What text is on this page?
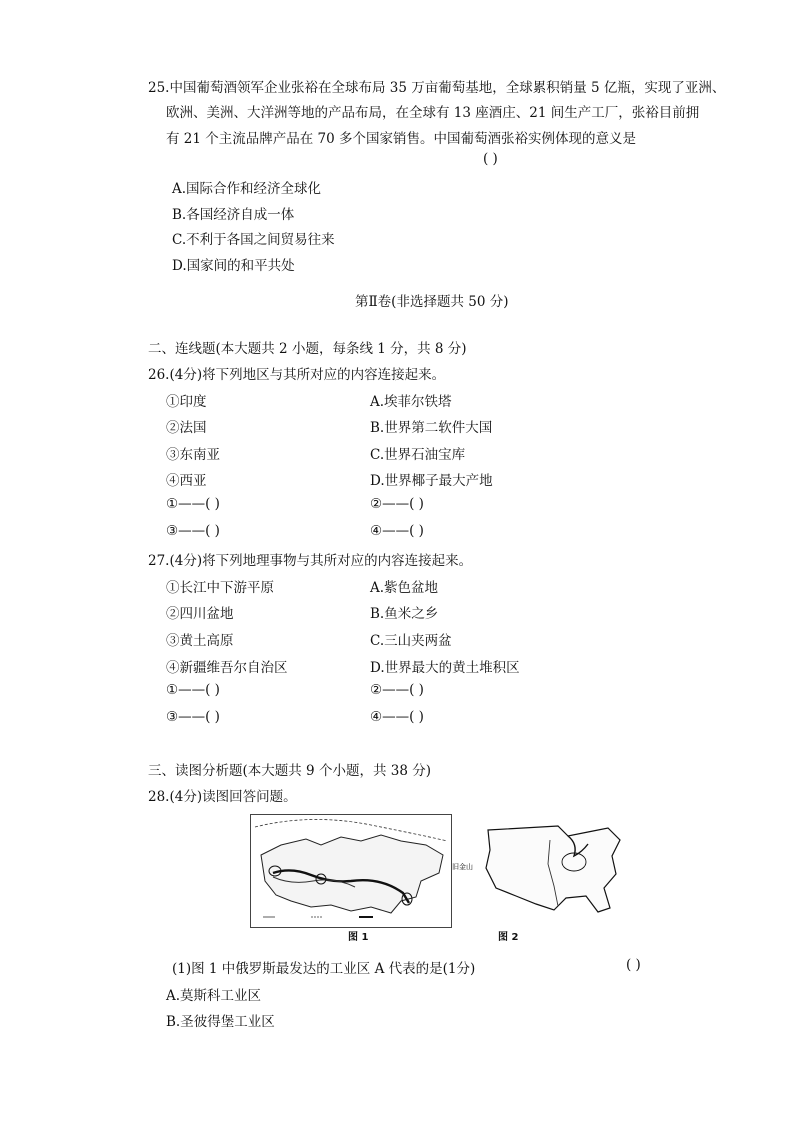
25.中国葡萄酒领军企业张裕在全球布局 35 万亩葡萄基地，全球累积销量 5 亿瓶，实现了亚洲、
欧洲、美洲、大洋洲等地的产品布局，在全球有 13 座酒庄、21 间生产工厂，张裕目前拥
有 21 个主流品牌产品在 70 多个国家销售。中国葡萄酒张裕实例体现的意义是
( )
A.国际合作和经济全球化
B.各国经济自成一体
C.不利于各国之间贸易往来
D.国家间的和平共处
第Ⅱ卷(非选择题共 50 分)
二、连线题(本大题共 2 小题，每条线 1 分，共 8 分)
26.(4分)将下列地区与其所对应的内容连接起来。
①印度	A.埃菲尔铁塔
②法国	B.世界第二软件大国
③东南亚	C.世界石油宝库
④西亚	D.世界椰子最大产地
①——( )	②——( )
③——( )	④——( )
27.(4分)将下列地理事物与其所对应的内容连接起来。
①长江中下游平原	A.紫色盆地
②四川盆地	B.鱼米之乡
③黄土高原	C.三山夹两盆
④新疆维吾尔自治区	D.世界最大的黄土堆积区
①——( )	②——( )
③——( )	④——( )
三、读图分析题(本大题共 9 个小题，共 38 分)
28.(4分)读图回答问题。
图 1
旧金山
图 2
(1)图 1 中俄罗斯最发达的工业区 A 代表的是(1分)	( )
A.莫斯科工业区
B.圣彼得堡工业区
